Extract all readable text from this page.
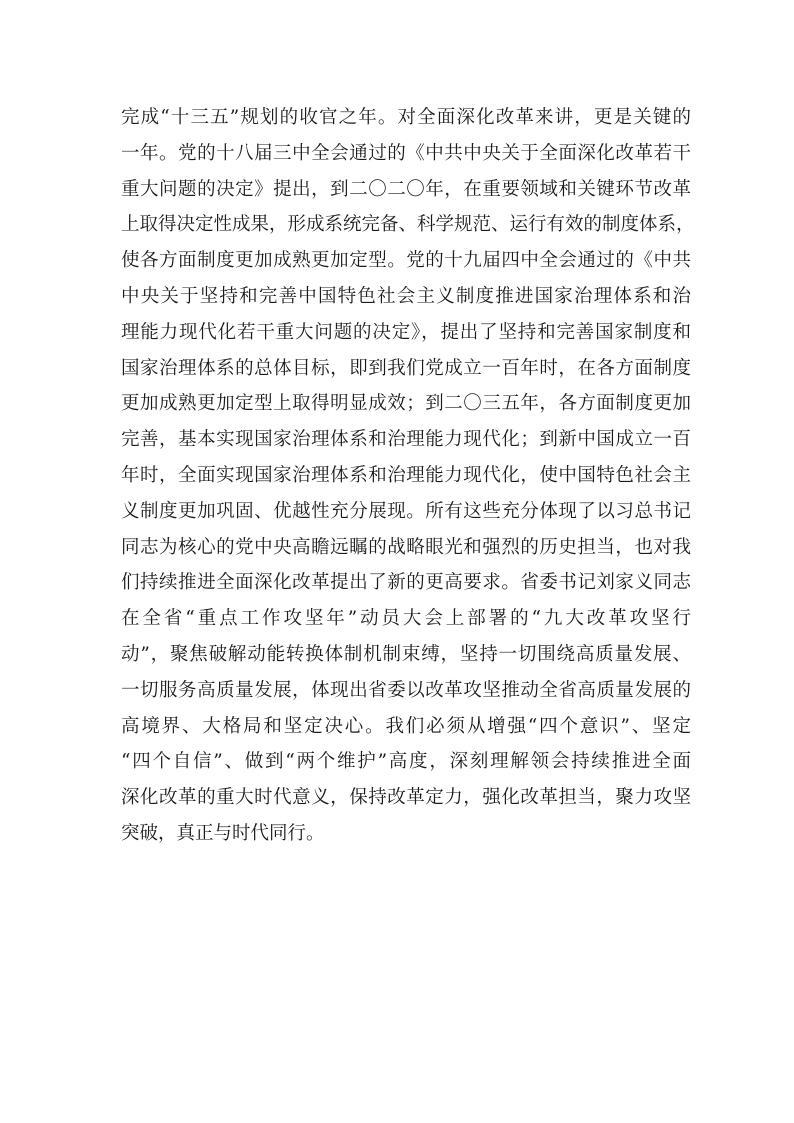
完成“十三五”规划的收官之年。对全面深化改革来讲，更是关键的
一年。党的十八届三中全会通过的《中共中央关于全面深化改革若干
重大问题的决定》提出，到二〇二〇年，在重要领域和关键环节改革
上取得决定性成果，形成系统完备、科学规范、运行有效的制度体系，
使各方面制度更加成熟更加定型。党的十九届四中全会通过的《中共
中央关于坚持和完善中国特色社会主义制度推进国家治理体系和治
理能力现代化若干重大问题的决定》，提出了坚持和完善国家制度和
国家治理体系的总体目标，即到我们党成立一百年时，在各方面制度
更加成熟更加定型上取得明显成效；到二〇三五年，各方面制度更加
完善，基本实现国家治理体系和治理能力现代化；到新中国成立一百
年时，全面实现国家治理体系和治理能力现代化，使中国特色社会主
义制度更加巩固、优越性充分展现。所有这些充分体现了以习总书记
同志为核心的党中央高瞻远瞩的战略眼光和强烈的历史担当，也对我
们持续推进全面深化改革提出了新的更高要求。省委书记刘家义同志
在全省“重点工作攻坚年”动员大会上部署的“九大改革攻坚行
动”，聚焦破解动能转换体制机制束缚，坚持一切围绕高质量发展、
一切服务高质量发展，体现出省委以改革攻坚推动全省高质量发展的
高境界、大格局和坚定决心。我们必须从增强“四个意识”、坚定
“四个自信”、做到“两个维护”高度，深刻理解领会持续推进全面
深化改革的重大时代意义，保持改革定力，强化改革担当，聚力攻坚
突破，真正与时代同行。
